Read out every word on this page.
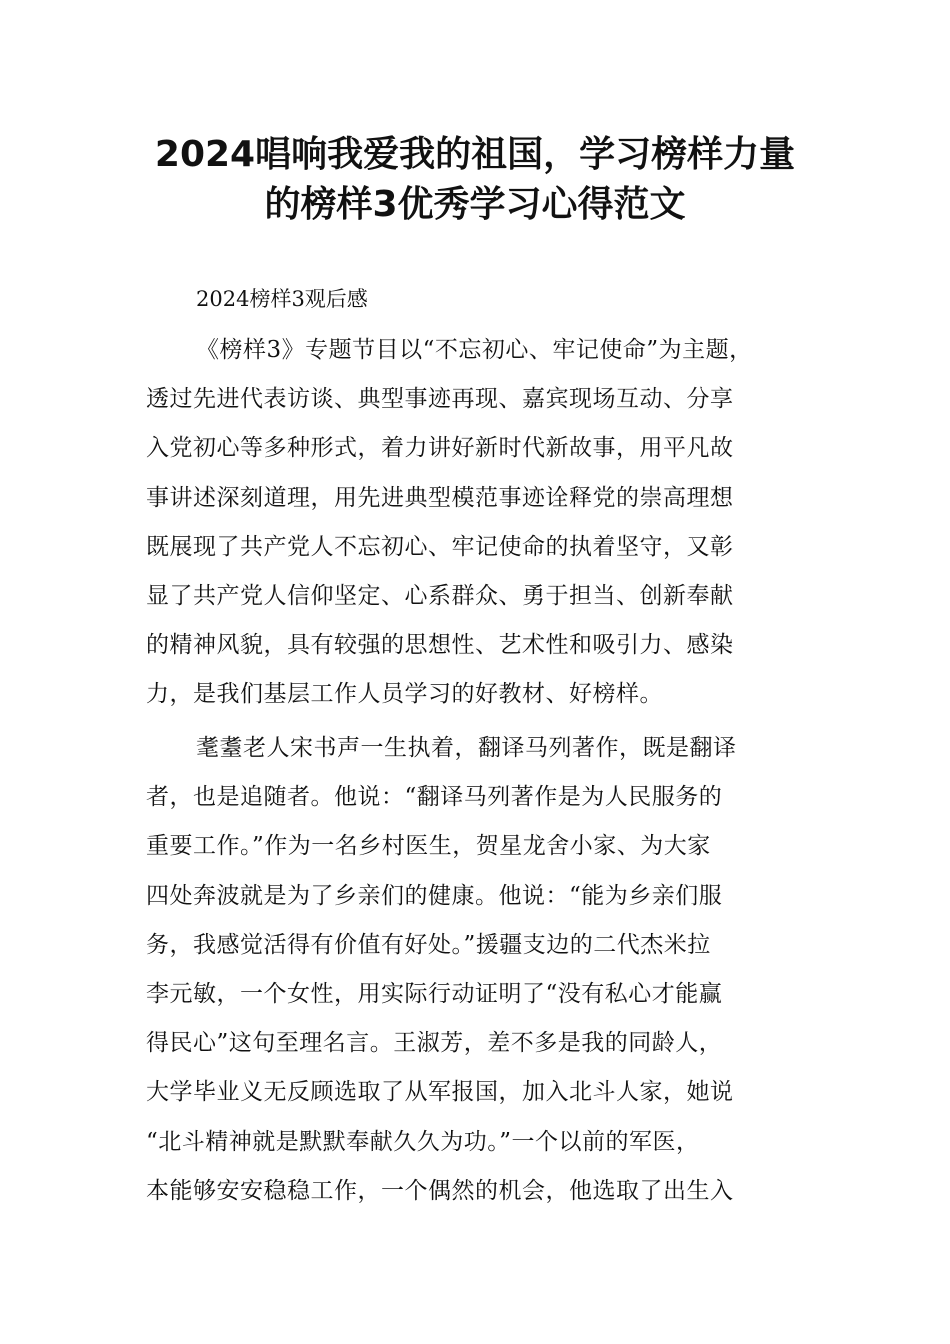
2024唱响我爱我的祖国，学习榜样力量
的榜样3优秀学习心得范文

2024榜样3观后感

《榜样3》专题节目以“不忘初心、牢记使命”为主题，
透过先进代表访谈、典型事迹再现、嘉宾现场互动、分享
入党初心等多种形式，着力讲好新时代新故事，用平凡故
事讲述深刻道理，用先进典型模范事迹诠释党的崇高理想
既展现了共产党人不忘初心、牢记使命的执着坚守，又彰
显了共产党人信仰坚定、心系群众、勇于担当、创新奉献
的精神风貌，具有较强的思想性、艺术性和吸引力、感染
力，是我们基层工作人员学习的好教材、好榜样。
耄耋老人宋书声一生执着，翻译马列著作，既是翻译
者，也是追随者。他说：“翻译马列著作是为人民服务的
重要工作。”作为一名乡村医生，贺星龙舍小家、为大家
四处奔波就是为了乡亲们的健康。他说：“能为乡亲们服
务，我感觉活得有价值有好处。”援疆支边的二代杰米拉
李元敏，一个女性，用实际行动证明了“没有私心才能赢
得民心”这句至理名言。王淑芳，差不多是我的同龄人，
大学毕业义无反顾选取了从军报国，加入北斗人家，她说
“北斗精神就是默默奉献久久为功。”一个以前的军医，
本能够安安稳稳工作，一个偶然的机会，他选取了出生入
